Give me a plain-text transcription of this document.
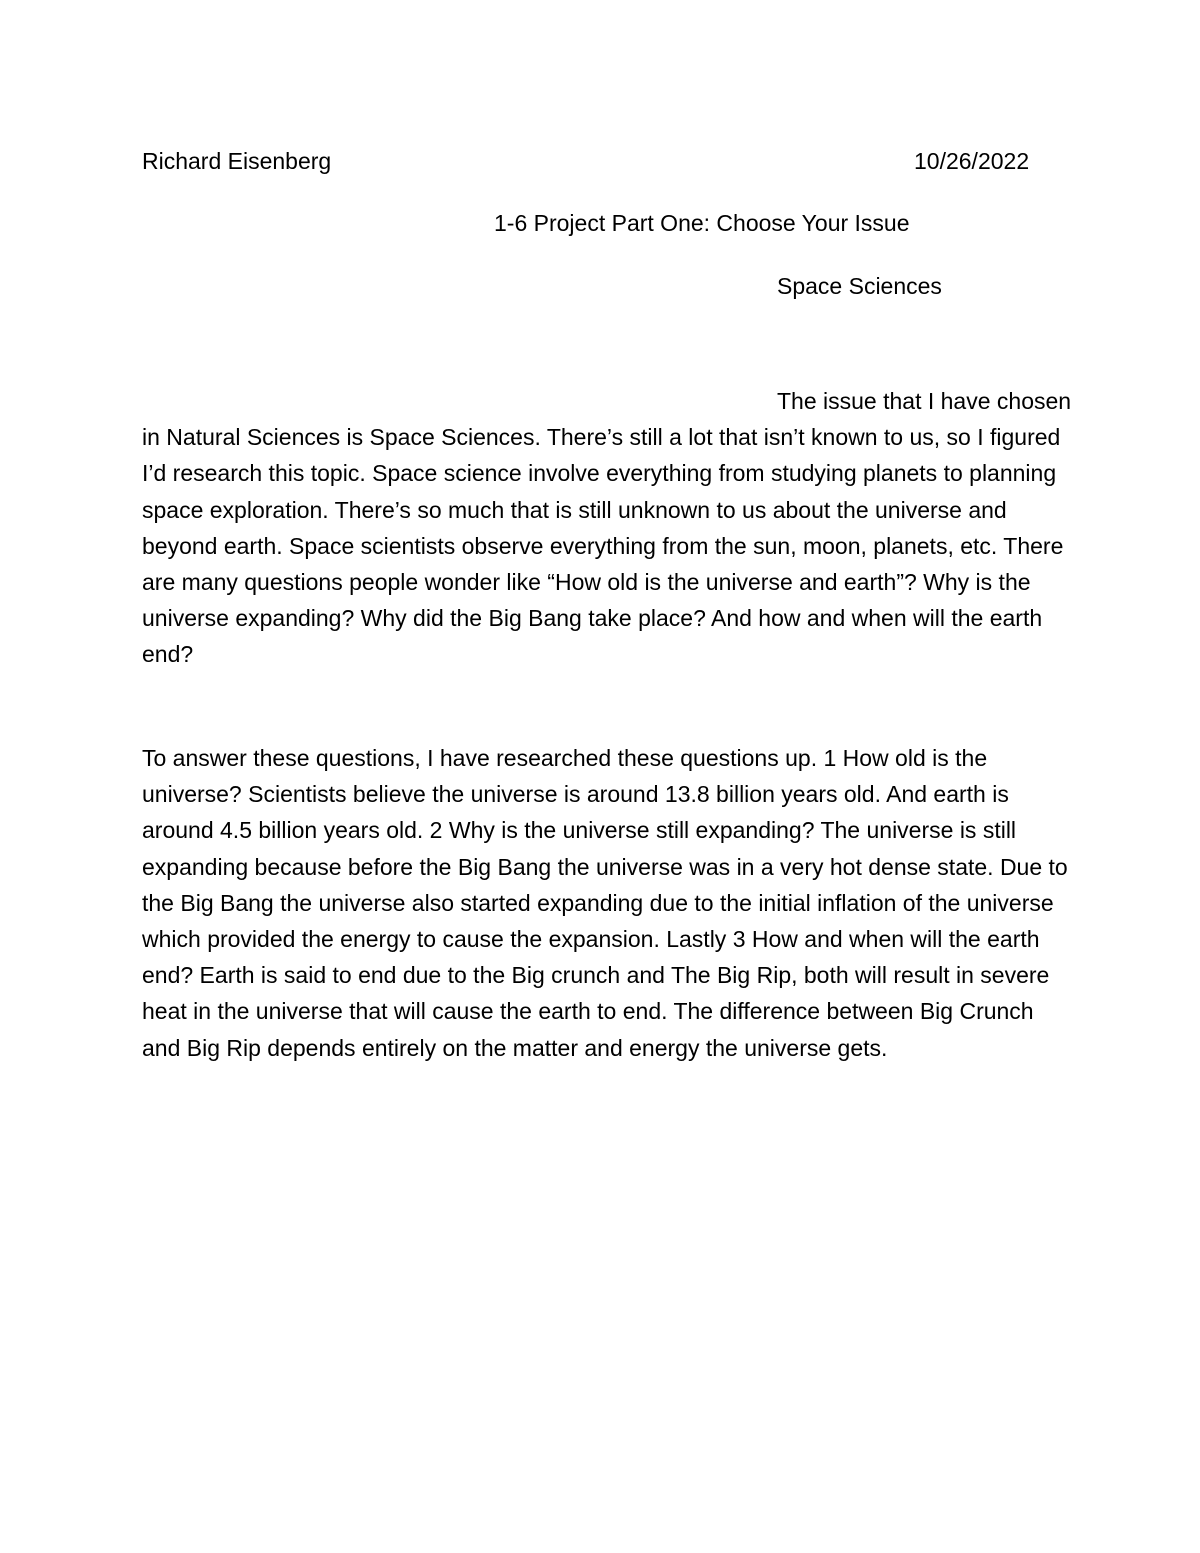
Richard Eisenberg	10/26/2022
1-6 Project Part One: Choose Your Issue
Space Sciences
The issue that I have chosen in Natural Sciences is Space Sciences. There’s still a lot that isn’t known to us, so I figured I’d research this topic. Space science involve everything from studying planets to planning space exploration. There’s so much that is still unknown to us about the universe and beyond earth. Space scientists observe everything from the sun, moon, planets, etc. There are many questions people wonder like “How old is the universe and earth”? Why is the universe expanding? Why did the Big Bang take place? And how and when will the earth end?
To answer these questions, I have researched these questions up. 1 How old is the universe? Scientists believe the universe is around 13.8 billion years old. And earth is around 4.5 billion years old. 2 Why is the universe still expanding? The universe is still expanding because before the Big Bang the universe was in a very hot dense state. Due to the Big Bang the universe also started expanding due to the initial inflation of the universe which provided the energy to cause the expansion. Lastly 3 How and when will the earth end? Earth is said to end due to the Big crunch and The Big Rip, both will result in severe heat in the universe that will cause the earth to end. The difference between Big Crunch and Big Rip depends entirely on the matter and energy the universe gets.
